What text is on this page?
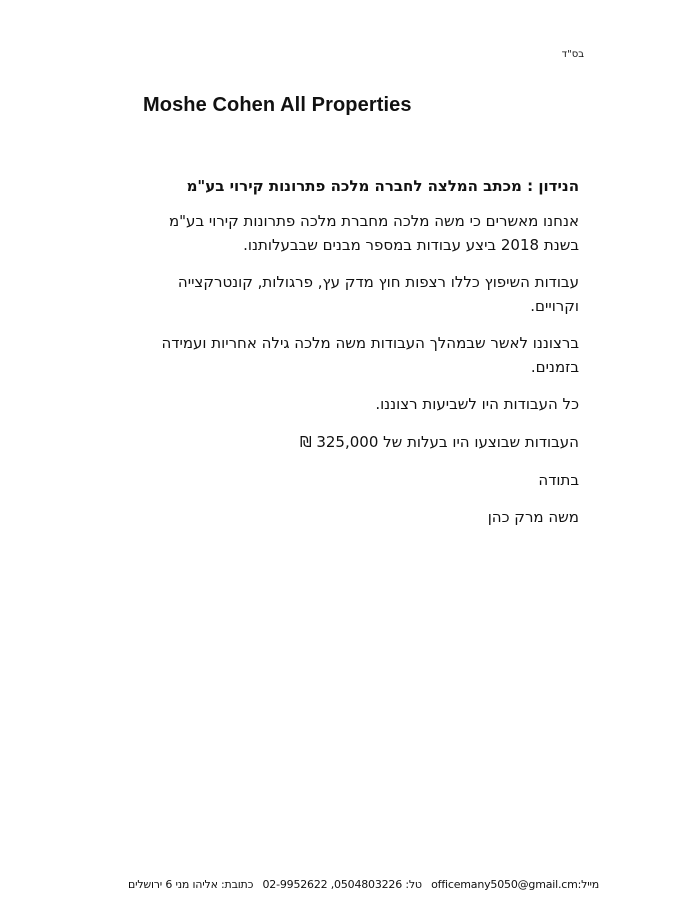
בס"ד
Moshe Cohen All Properties

הנידון : מכתב המלצה לחברה מלכה פתרונות קירוי בע"מ

אנחנו מאשרים כי משה מלכה מחברת מלכה פתרונות קירוי בע"מ בשנת 2018 ביצע עבודות במספר מבנים שבבעלותנו.

עבודות השיפוץ כללו רצפות חוץ מדק עץ, פרגולות, קונטרקצייה וקרויים.

ברצוננו לאשר שבמהלך העבודות משה מלכה גילה אחריות ועמידה בזמנים.

כל העבודות היו לשביעות רצוננו.

העבודות שבוצעו היו בעלות של 325,000 ₪

בתודה

משה מרק כהן

מייל:officemany5050@gmail.cm טל: 0504803226, 02-9952622 כתובת: אליהו מני 6 ירושלים
